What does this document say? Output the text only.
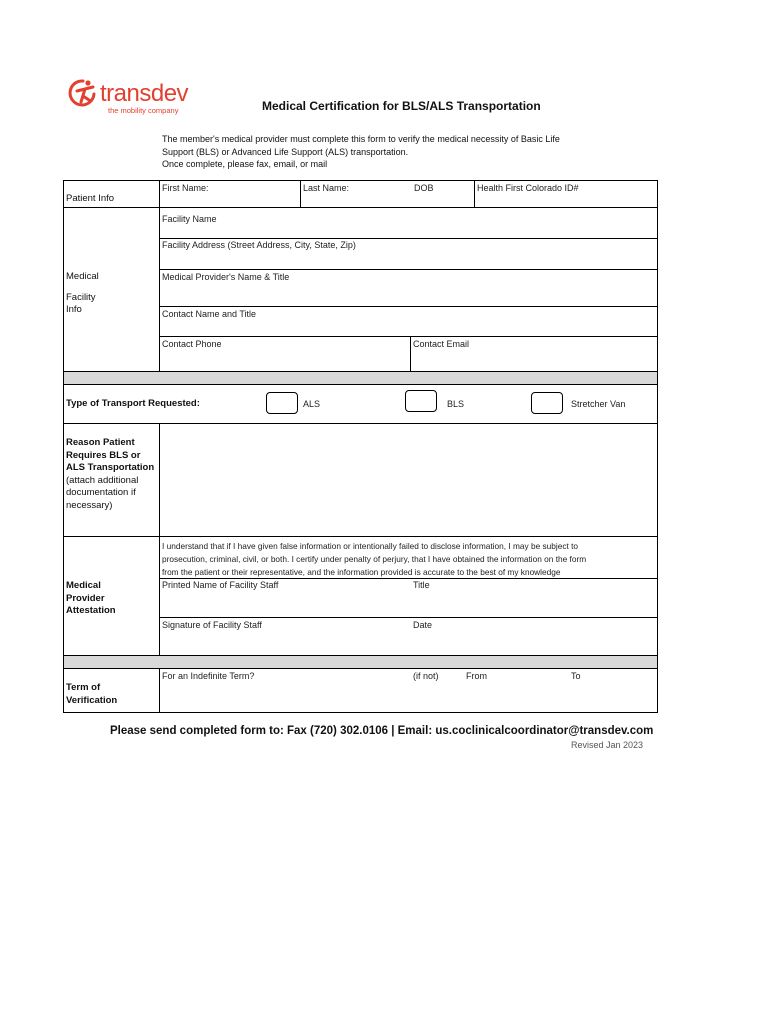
transdev
the mobility company	Medical Certification for BLS/ALS Transportation
The member's medical provider must complete this form to verify the medical necessity of Basic Life
Support (BLS) or Advanced Life Support (ALS) transportation.
Once complete, please fax, email, or mail
Patient Info
First Name:	Last Name:	DOB	Health First Colorado ID#
Medical
Facility
Info
Facility Name
Facility Address (Street Address, City, State, Zip)
Medical Provider's Name & Title
Contact Name and Title
Contact Phone	Contact Email
Type of Transport Requested:	ALS	BLS	Stretcher Van
Reason Patient
Requires BLS or
ALS Transportation
(attach additional
documentation if
necessary)
Medical
Provider
Attestation
I understand that if I have given false information or intentionally failed to disclose information, I may be subject to
prosecution, criminal, civil, or both. I certify under penalty of perjury, that I have obtained the information on the form
from the patient or their representative, and the information provided is accurate to the best of my knowledge
Printed Name of Facility Staff	Title
Signature of Facility Staff	Date
Term of
Verification
For an Indefinite Term?	(if not)	From	To
Please send completed form to: Fax (720) 302.0106 | Email: us.coclinicalcoordinator@transdev.com
Revised Jan 2023
